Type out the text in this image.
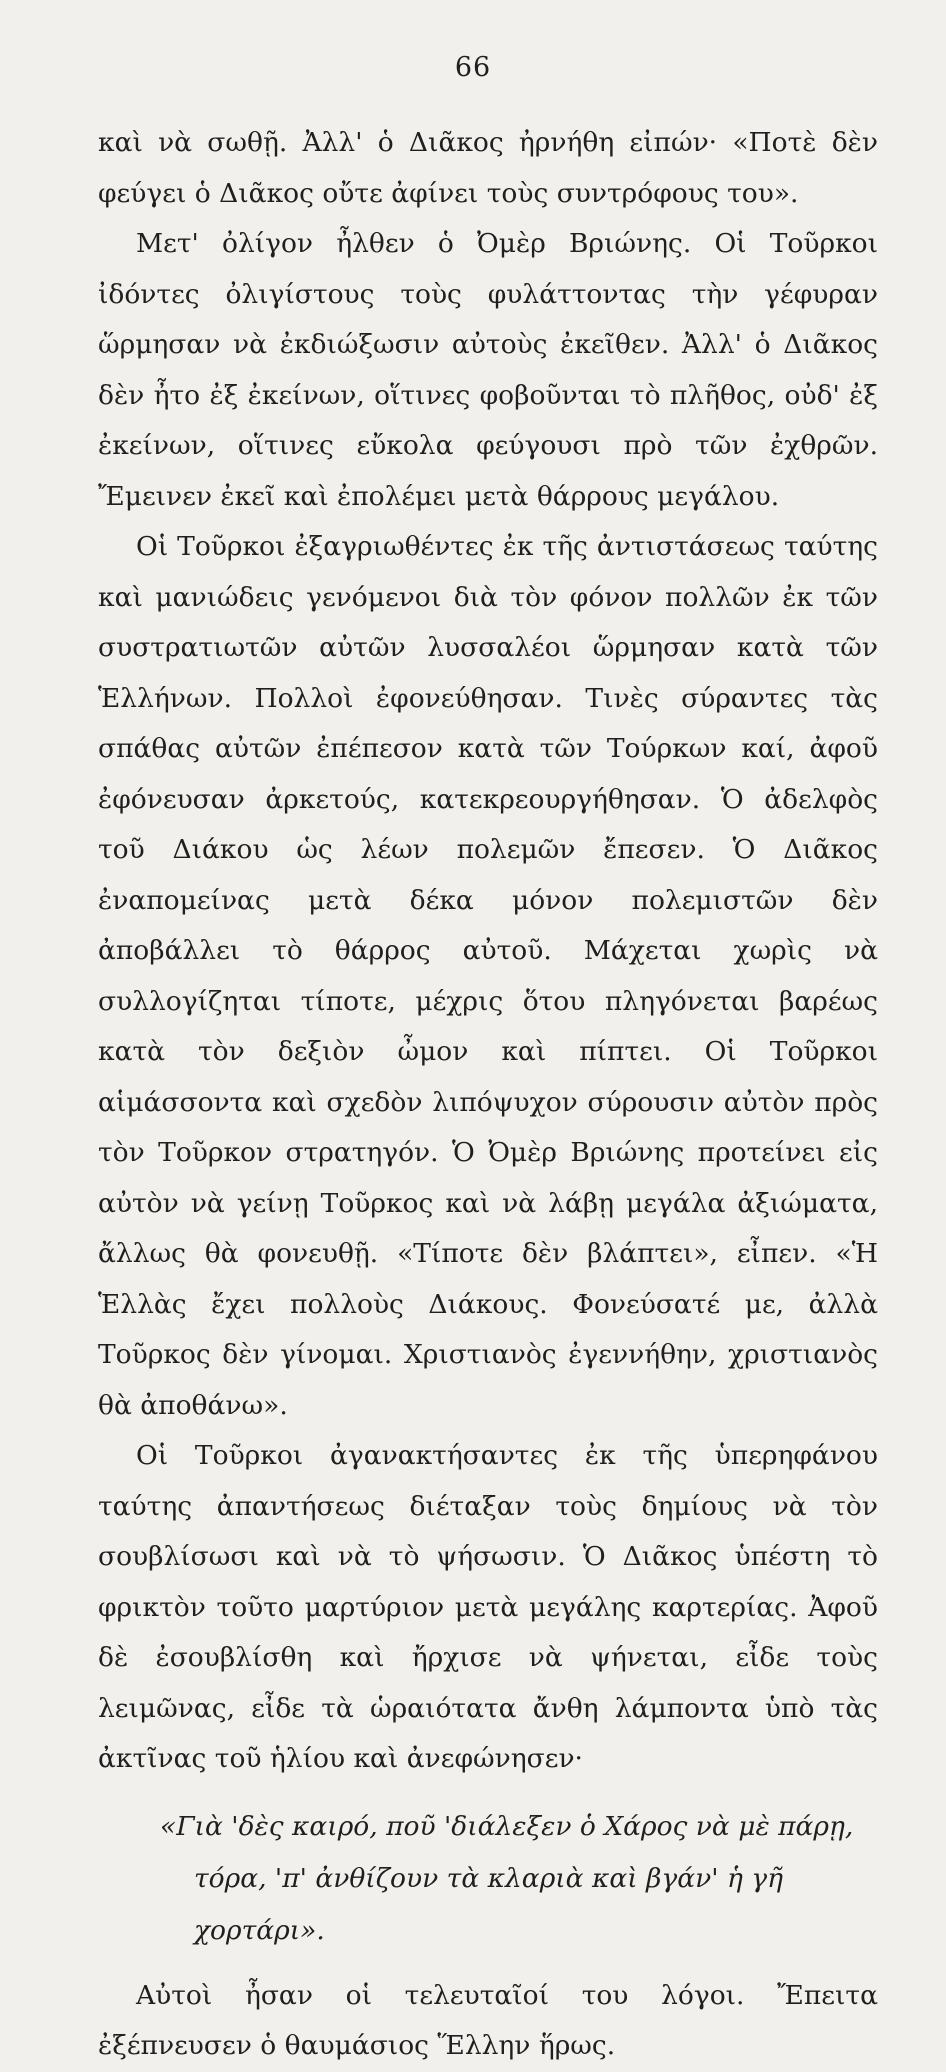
66

καὶ νὰ σωθῇ. Ἀλλ' ὁ Διᾶκος ἠρνήθη εἰπών· «Ποτὲ δὲν φεύγει ὁ Διᾶκος οὔτε ἀφίνει τοὺς συντρόφους του».

Μετ' ὀλίγον ἦλθεν ὁ Ὀμὲρ Βριώνης. Οἱ Τοῦρκοι ἰδόντες ὀλιγίστους τοὺς φυλάττοντας τὴν γέφυραν ὥρμησαν νὰ ἐκδιώξωσιν αὐτοὺς ἐκεῖθεν. Ἀλλ' ὁ Διᾶκος δὲν ἦτο ἐξ ἐκείνων, οἵτινες φοβοῦνται τὸ πλῆθος, οὐδ' ἐξ ἐκείνων, οἵτινες εὔκολα φεύγουσι πρὸ τῶν ἐχθρῶν. Ἔμεινεν ἐκεῖ καὶ ἐπολέμει μετὰ θάρρους μεγάλου.

Οἱ Τοῦρκοι ἐξαγριωθέντες ἐκ τῆς ἀντιστάσεως ταύτης καὶ μανιώδεις γενόμενοι διὰ τὸν φόνον πολλῶν ἐκ τῶν συστρατιωτῶν αὐτῶν λυσσαλέοι ὥρμησαν κατὰ τῶν Ἑλλήνων. Πολλοὶ ἐφονεύθησαν. Τινὲς σύραντες τὰς σπάθας αὐτῶν ἐπέπεσον κατὰ τῶν Τούρκων καί, ἀφοῦ ἐφόνευσαν ἀρκετούς, κατεκρεουργήθησαν. Ὁ ἀδελφὸς τοῦ Διάκου ὡς λέων πολεμῶν ἔπεσεν. Ὁ Διᾶκος ἐναπομείνας μετὰ δέκα μόνον πολεμιστῶν δὲν ἀποβάλλει τὸ θάρρος αὐτοῦ. Μάχεται χωρὶς νὰ συλλογίζηται τίποτε, μέχρις ὅτου πληγόνεται βαρέως κατὰ τὸν δεξιὸν ὦμον καὶ πίπτει. Οἱ Τοῦρκοι αἱμάσσοντα καὶ σχεδὸν λιπόψυχον σύρουσιν αὐτὸν πρὸς τὸν Τοῦρκον στρατηγόν. Ὁ Ὀμὲρ Βριώνης προτείνει εἰς αὐτὸν νὰ γείνῃ Τοῦρκος καὶ νὰ λάβῃ μεγάλα ἀξιώματα, ἄλλως θὰ φονευθῇ. «Τίποτε δὲν βλάπτει», εἶπεν. «Ἡ Ἑλλὰς ἔχει πολλοὺς Διάκους. Φονεύσατέ με, ἀλλὰ Τοῦρκος δὲν γίνομαι. Χριστιανὸς ἐγεννήθην, χριστιανὸς θὰ ἀποθάνω».

Οἱ Τοῦρκοι ἀγανακτήσαντες ἐκ τῆς ὑπερηφάνου ταύτης ἀπαντήσεως διέταξαν τοὺς δημίους νὰ τὸν σουβλίσωσι καὶ νὰ τὸ ψήσωσιν. Ὁ Διᾶκος ὑπέστη τὸ φρικτὸν τοῦτο μαρτύριον μετὰ μεγάλης καρτερίας. Ἀφοῦ δὲ ἐσουβλίσθη καὶ ἤρχισε νὰ ψήνεται, εἶδε τοὺς λειμῶνας, εἶδε τὰ ὡραιότατα ἄνθη λάμποντα ὑπὸ τὰς ἀκτῖνας τοῦ ἡλίου καὶ ἀνεφώνησεν·

«Γιὰ 'δὲς καιρό, ποῦ 'διάλεξεν ὁ Χάρος νὰ μὲ πάρῃ,
τόρα, 'π' ἀνθίζουν τὰ κλαριὰ καὶ βγάν' ἡ γῆ χορτάρι».

Αὐτοὶ ἦσαν οἱ τελευταῖοί του λόγοι. Ἔπειτα ἐξέπνευσεν ὁ θαυμάσιος Ἕλλην ἥρως.
